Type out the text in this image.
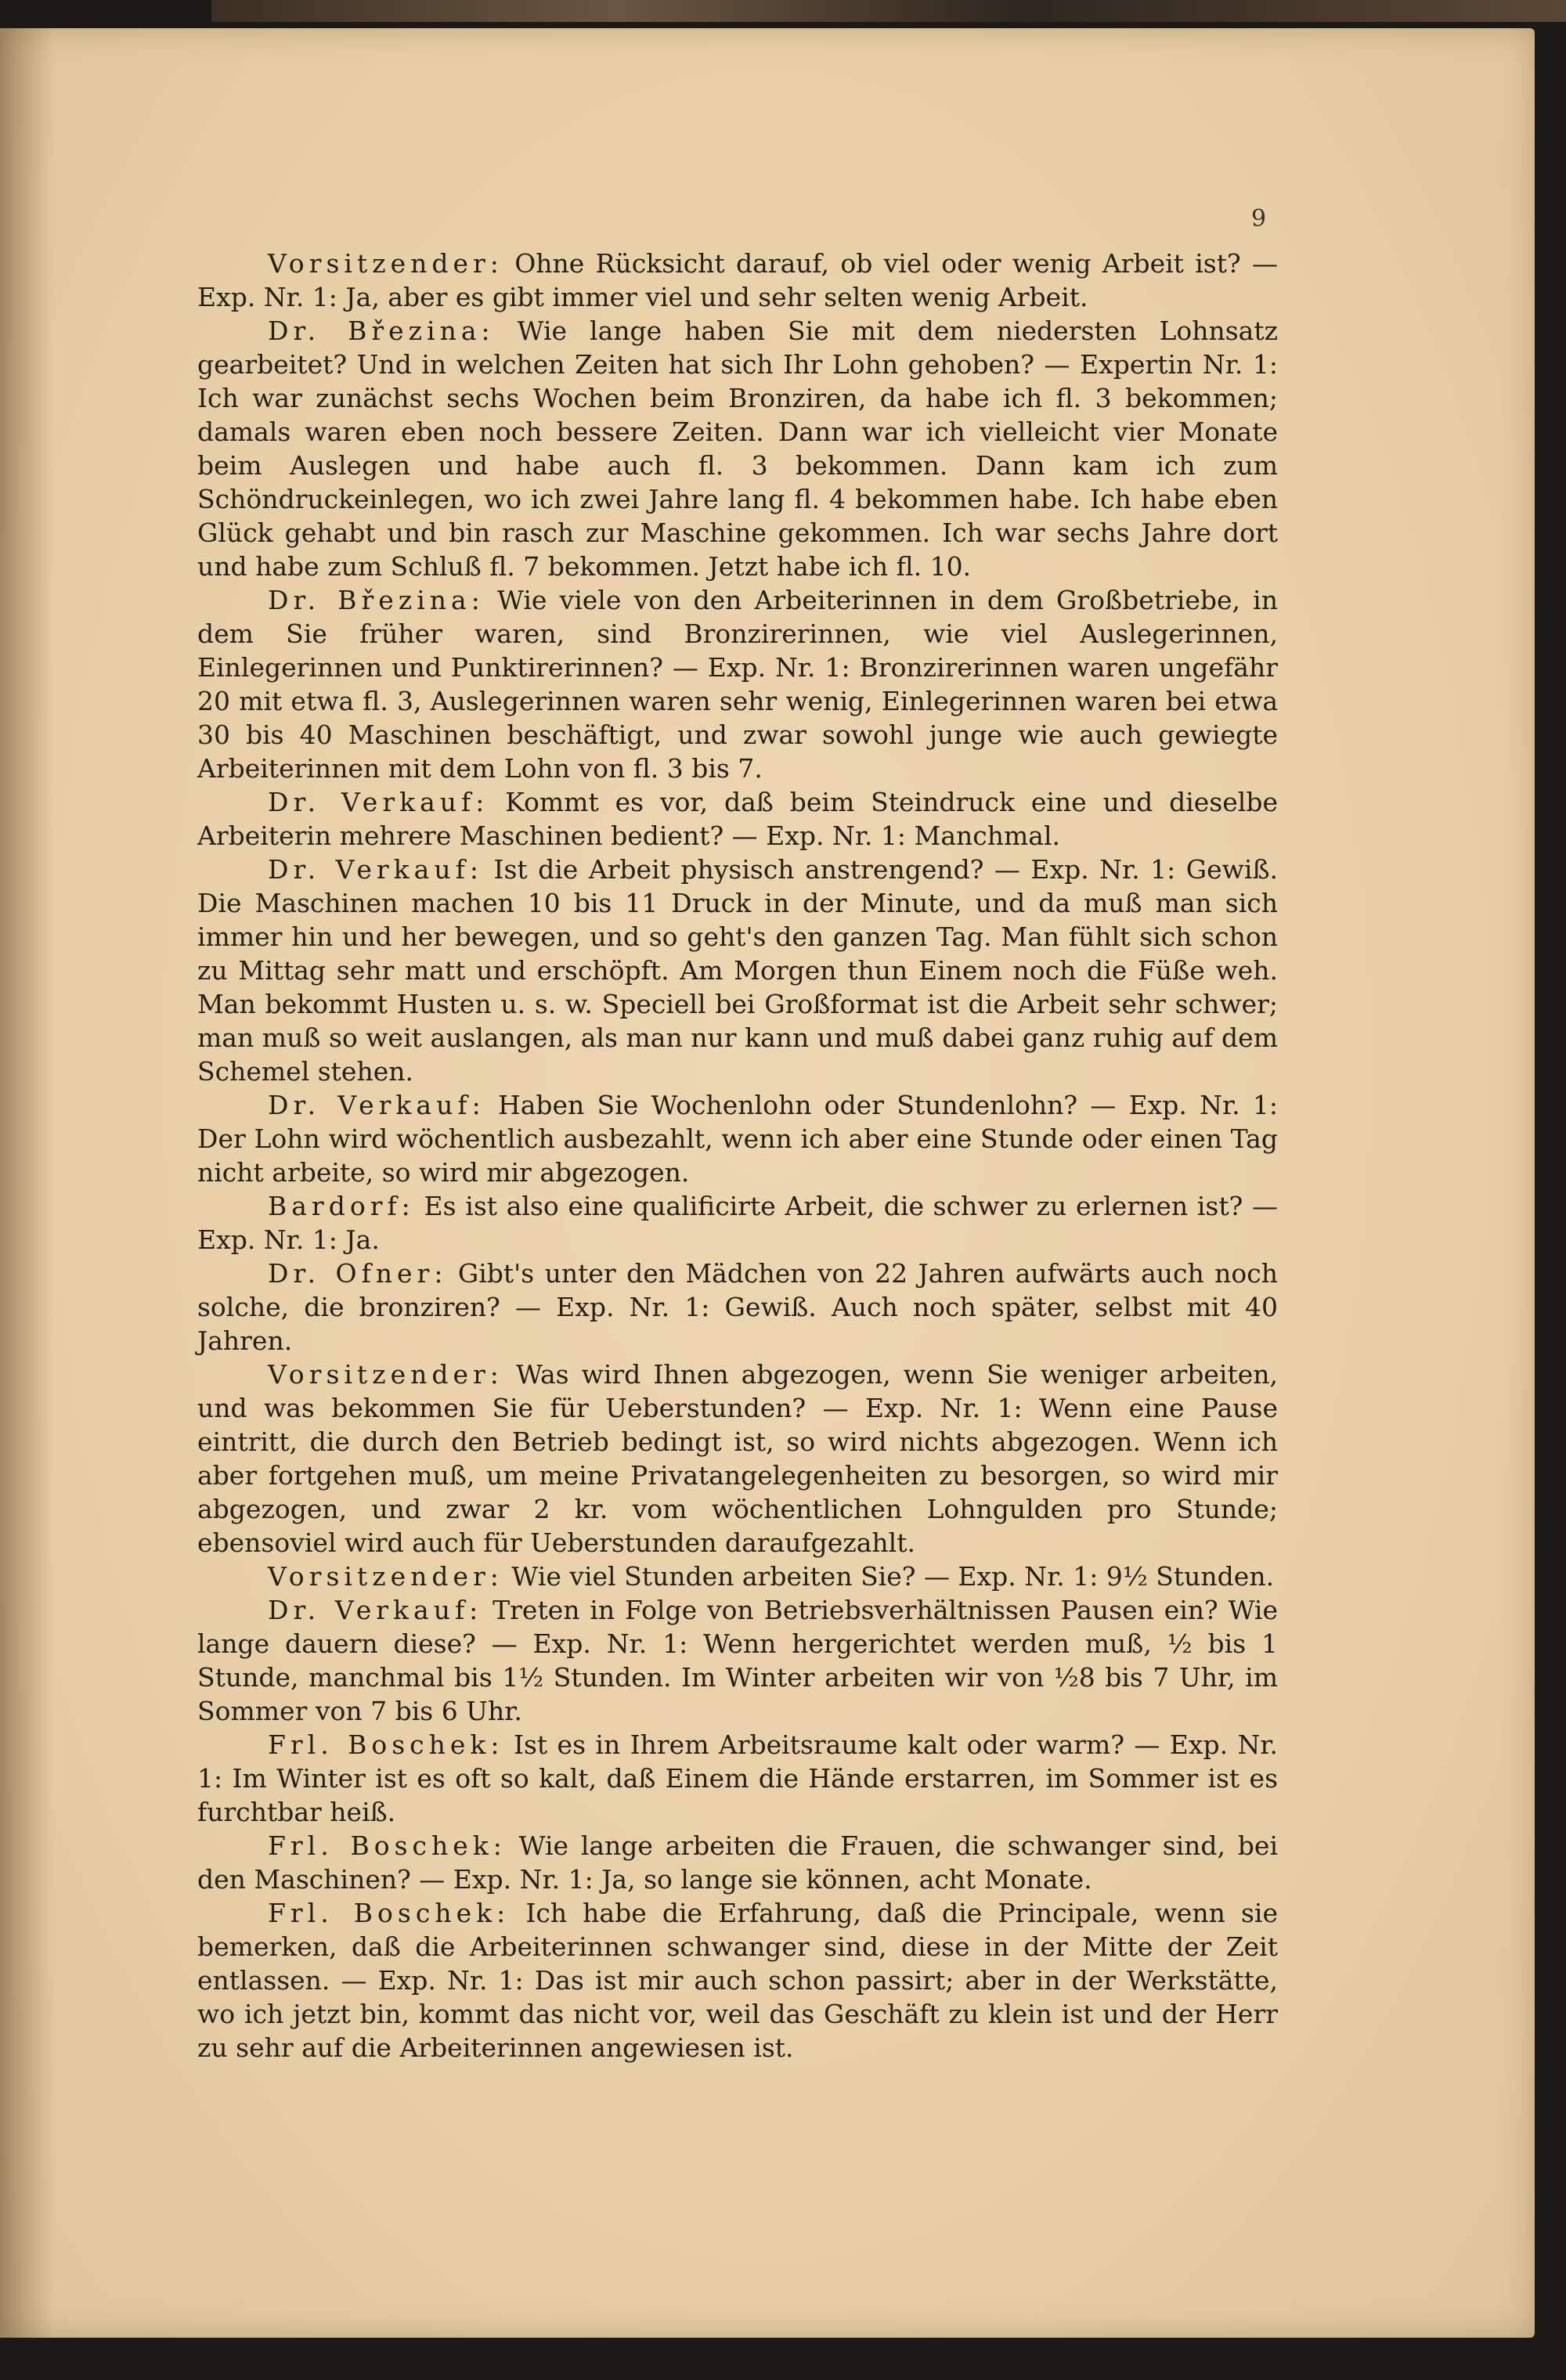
9

Vorsitzender: Ohne Rücksicht darauf, ob viel oder wenig Arbeit ist? — Exp. Nr. 1: Ja, aber es gibt immer viel und sehr selten wenig Arbeit.

Dr. Březina: Wie lange haben Sie mit dem niedersten Lohnsatz gearbeitet? Und in welchen Zeiten hat sich Ihr Lohn gehoben? — Expertin Nr. 1: Ich war zunächst sechs Wochen beim Bronziren, da habe ich fl. 3 bekommen; damals waren eben noch bessere Zeiten. Dann war ich vielleicht vier Monate beim Auslegen und habe auch fl. 3 bekommen. Dann kam ich zum Schöndruckeinlegen, wo ich zwei Jahre lang fl. 4 bekommen habe. Ich habe eben Glück gehabt und bin rasch zur Maschine gekommen. Ich war sechs Jahre dort und habe zum Schluß fl. 7 bekommen. Jetzt habe ich fl. 10.

Dr. Březina: Wie viele von den Arbeiterinnen in dem Großbetriebe, in dem Sie früher waren, sind Bronzirerinnen, wie viel Auslegerinnen, Einlegerinnen und Punktirerinnen? — Exp. Nr. 1: Bronzirerinnen waren ungefähr 20 mit etwa fl. 3, Auslegerinnen waren sehr wenig, Einlegerinnen waren bei etwa 30 bis 40 Maschinen beschäftigt, und zwar sowohl junge wie auch gewiegte Arbeiterinnen mit dem Lohn von fl. 3 bis 7.

Dr. Verkauf: Kommt es vor, daß beim Steindruck eine und dieselbe Arbeiterin mehrere Maschinen bedient? — Exp. Nr. 1: Manchmal.

Dr. Verkauf: Ist die Arbeit physisch anstrengend? — Exp. Nr. 1: Gewiß. Die Maschinen machen 10 bis 11 Druck in der Minute, und da muß man sich immer hin und her bewegen, und so geht's den ganzen Tag. Man fühlt sich schon zu Mittag sehr matt und erschöpft. Am Morgen thun Einem noch die Füße weh. Man bekommt Husten u. s. w. Speciell bei Großformat ist die Arbeit sehr schwer; man muß so weit auslangen, als man nur kann und muß dabei ganz ruhig auf dem Schemel stehen.

Dr. Verkauf: Haben Sie Wochenlohn oder Stundenlohn? — Exp. Nr. 1: Der Lohn wird wöchentlich ausbezahlt, wenn ich aber eine Stunde oder einen Tag nicht arbeite, so wird mir abgezogen.

Bardorf: Es ist also eine qualificirte Arbeit, die schwer zu erlernen ist? — Exp. Nr. 1: Ja.

Dr. Ofner: Gibt's unter den Mädchen von 22 Jahren aufwärts auch noch solche, die bronziren? — Exp. Nr. 1: Gewiß. Auch noch später, selbst mit 40 Jahren.

Vorsitzender: Was wird Ihnen abgezogen, wenn Sie weniger arbeiten, und was bekommen Sie für Ueberstunden? — Exp. Nr. 1: Wenn eine Pause eintritt, die durch den Betrieb bedingt ist, so wird nichts abgezogen. Wenn ich aber fortgehen muß, um meine Privatangelegenheiten zu besorgen, so wird mir abgezogen, und zwar 2 kr. vom wöchentlichen Lohngulden pro Stunde; ebensoviel wird auch für Ueberstunden daraufgezahlt.

Vorsitzender: Wie viel Stunden arbeiten Sie? — Exp. Nr. 1: 9½ Stunden.

Dr. Verkauf: Treten in Folge von Betriebsverhältnissen Pausen ein? Wie lange dauern diese? — Exp. Nr. 1: Wenn hergerichtet werden muß, ½ bis 1 Stunde, manchmal bis 1½ Stunden. Im Winter arbeiten wir von ½8 bis 7 Uhr, im Sommer von 7 bis 6 Uhr.

Frl. Boschek: Ist es in Ihrem Arbeitsraume kalt oder warm? — Exp. Nr. 1: Im Winter ist es oft so kalt, daß Einem die Hände erstarren, im Sommer ist es furchtbar heiß.

Frl. Boschek: Wie lange arbeiten die Frauen, die schwanger sind, bei den Maschinen? — Exp. Nr. 1: Ja, so lange sie können, acht Monate.

Frl. Boschek: Ich habe die Erfahrung, daß die Principale, wenn sie bemerken, daß die Arbeiterinnen schwanger sind, diese in der Mitte der Zeit entlassen. — Exp. Nr. 1: Das ist mir auch schon passirt; aber in der Werkstätte, wo ich jetzt bin, kommt das nicht vor, weil das Geschäft zu klein ist und der Herr zu sehr auf die Arbeiterinnen angewiesen ist.
